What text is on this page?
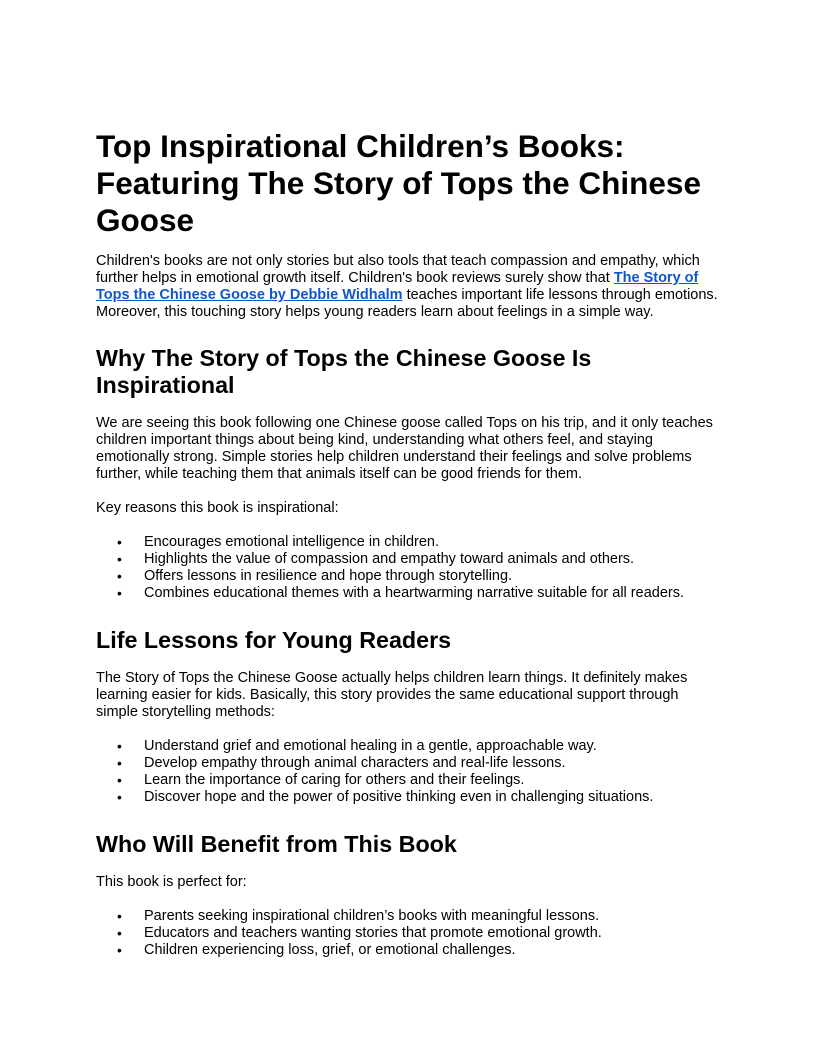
Top Inspirational Children’s Books: Featuring The Story of Tops the Chinese Goose

Children's books are not only stories but also tools that teach compassion and empathy, which further helps in emotional growth itself. Children's book reviews surely show that The Story of Tops the Chinese Goose by Debbie Widhalm teaches important life lessons through emotions. Moreover, this touching story helps young readers learn about feelings in a simple way.

Why The Story of Tops the Chinese Goose Is Inspirational

We are seeing this book following one Chinese goose called Tops on his trip, and it only teaches children important things about being kind, understanding what others feel, and staying emotionally strong. Simple stories help children understand their feelings and solve problems further, while teaching them that animals itself can be good friends for them.

Key reasons this book is inspirational:

• Encourages emotional intelligence in children.
• Highlights the value of compassion and empathy toward animals and others.
• Offers lessons in resilience and hope through storytelling.
• Combines educational themes with a heartwarming narrative suitable for all readers.
Life Lessons for Young Readers

The Story of Tops the Chinese Goose actually helps children learn things. It definitely makes learning easier for kids. Basically, this story provides the same educational support through simple storytelling methods:

• Understand grief and emotional healing in a gentle, approachable way.
• Develop empathy through animal characters and real-life lessons.
• Learn the importance of caring for others and their feelings.
• Discover hope and the power of positive thinking even in challenging situations.
Who Will Benefit from This Book

This book is perfect for:

• Parents seeking inspirational children’s books with meaningful lessons.
• Educators and teachers wanting stories that promote emotional growth.
• Children experiencing loss, grief, or emotional challenges.
